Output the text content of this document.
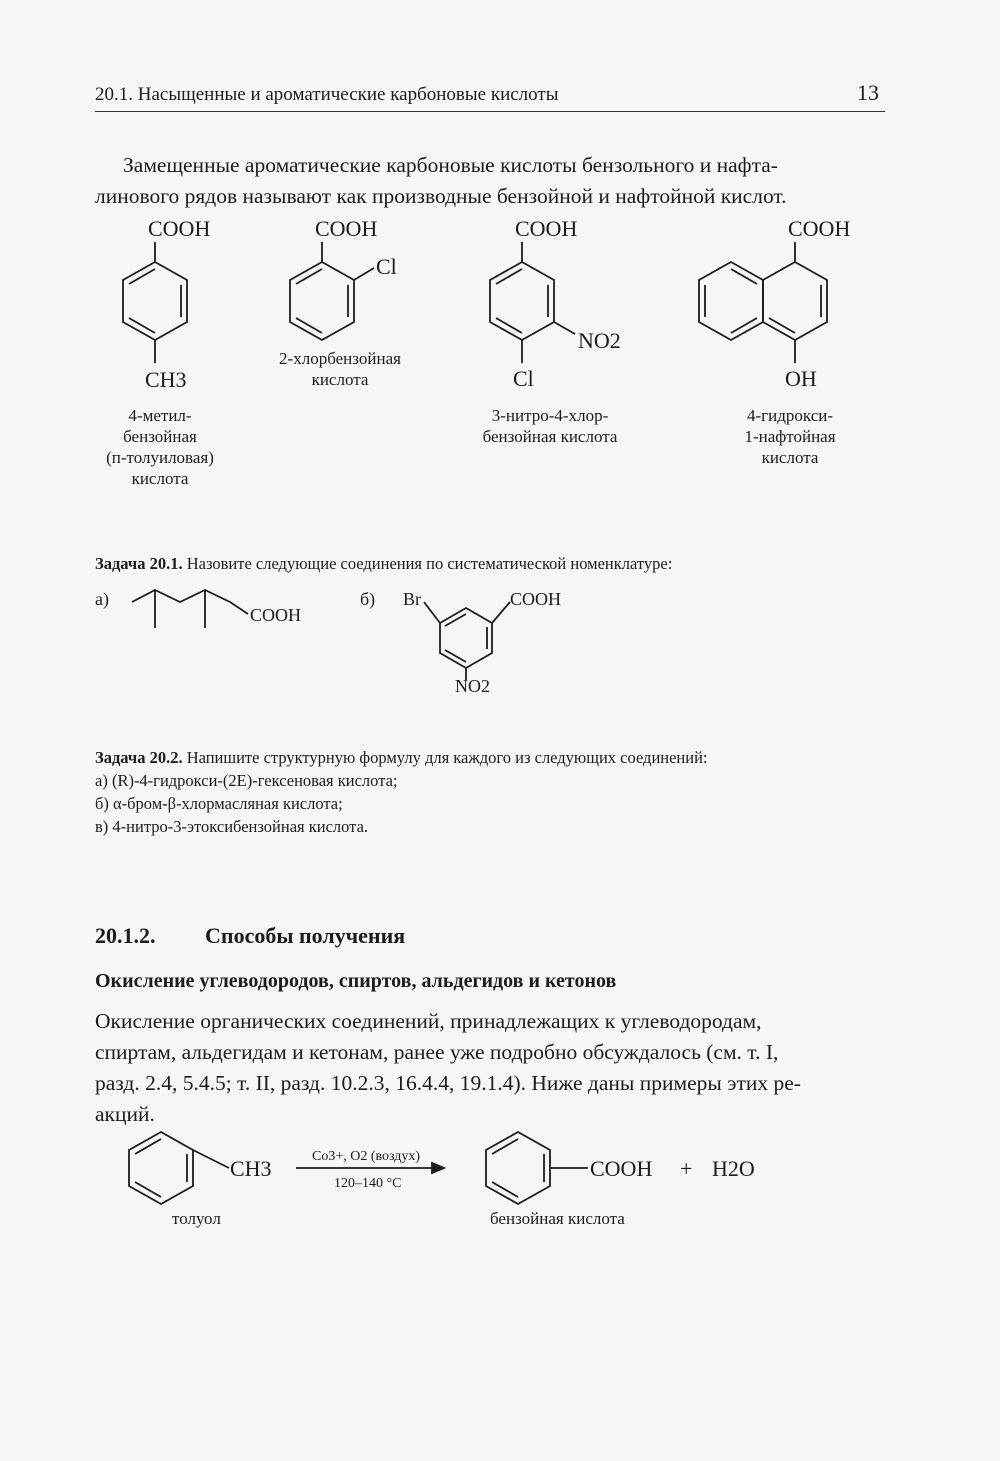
20.1. Насыщенные и ароматические карбоновые кислоты	13
Замещенные ароматические карбоновые кислоты бензольного и нафта-
линового рядов называют как производные бензойной и нафтойной кислот.
COOH
CH3
COOH
Cl
COOH
NO2
Cl
COOH
OH
4-метил-
бензойная
(п-толуиловая)
кислота
2-хлорбензойная
кислота
3-нитро-4-хлор-
бензойная кислота
4-гидрокси-
1-нафтойная
кислота
Задача 20.1. Назовите следующие соединения по систематической номенклатуре:
а)
COOH
б) Br	COOH
NO2
Задача 20.2. Напишите структурную формулу для каждого из следующих соединений:
а) (R)-4-гидрокси-(2E)-гексеновая кислота;
б) α-бром-β-хлормасляная кислота;
в) 4-нитро-3-этоксибензойная кислота.
20.1.2. Способы получения
Окисление углеводородов, спиртов, альдегидов и кетонов
Окисление органических соединений, принадлежащих к углеводородам,
спиртам, альдегидам и кетонам, ранее уже подробно обсуждалось (см. т. I,
разд. 2.4, 5.4.5; т. II, разд. 10.2.3, 16.4.4, 19.1.4). Ниже даны примеры этих ре-
акций.
CH3	Co3+, O2 (воздух)
120–140 °C
COOH + H2O
толуол	бензойная кислота
